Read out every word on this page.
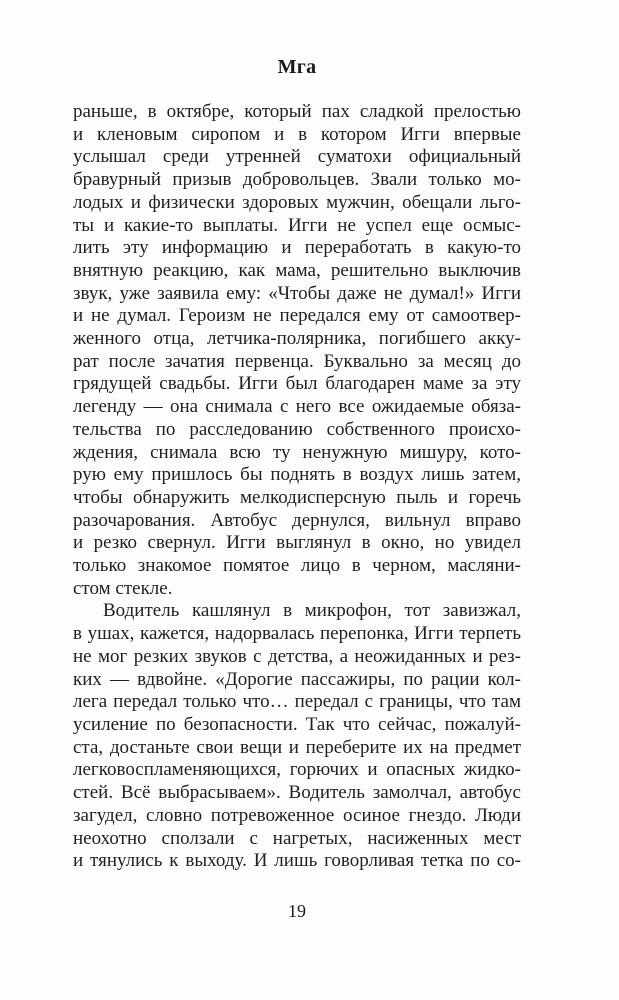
Мга
раньше, в октябре, который пах сладкой прелостью
и кленовым сиропом и в котором Игги впервые
услышал среди утренней суматохи официальный
бравурный призыв добровольцев. Звали только мо-
лодых и физически здоровых мужчин, обещали льго-
ты и какие-то выплаты. Игги не успел еще осмыс-
лить эту информацию и переработать в какую-то
внятную реакцию, как мама, решительно выключив
звук, уже заявила ему: «Чтобы даже не думал!» Игги
и не думал. Героизм не передался ему от самоотвер-
женного отца, летчика-полярника, погибшего акку-
рат после зачатия первенца. Буквально за месяц до
грядущей свадьбы. Игги был благодарен маме за эту
легенду — она снимала с него все ожидаемые обяза-
тельства по расследованию собственного происхо-
ждения, снимала всю ту ненужную мишуру, кото-
рую ему пришлось бы поднять в воздух лишь затем,
чтобы обнаружить мелкодисперсную пыль и горечь
разочарования. Автобус дернулся, вильнул вправо
и резко свернул. Игги выглянул в окно, но увидел
только знакомое помятое лицо в черном, масляни-
стом стекле.
Водитель кашлянул в микрофон, тот завизжал,
в ушах, кажется, надорвалась перепонка, Игги терпеть
не мог резких звуков с детства, а неожиданных и рез-
ких — вдвойне. «Дорогие пассажиры, по рации кол-
лега передал только что… передал с границы, что там
усиление по безопасности. Так что сейчас, пожалуй-
ста, достаньте свои вещи и переберите их на предмет
легковоспламеняющихся, горючих и опасных жидко-
стей. Всё выбрасываем». Водитель замолчал, автобус
загудел, словно потревоженное осиное гнездо. Люди
неохотно сползали с нагретых, насиженных мест
и тянулись к выходу. И лишь говорливая тетка по со-
19
